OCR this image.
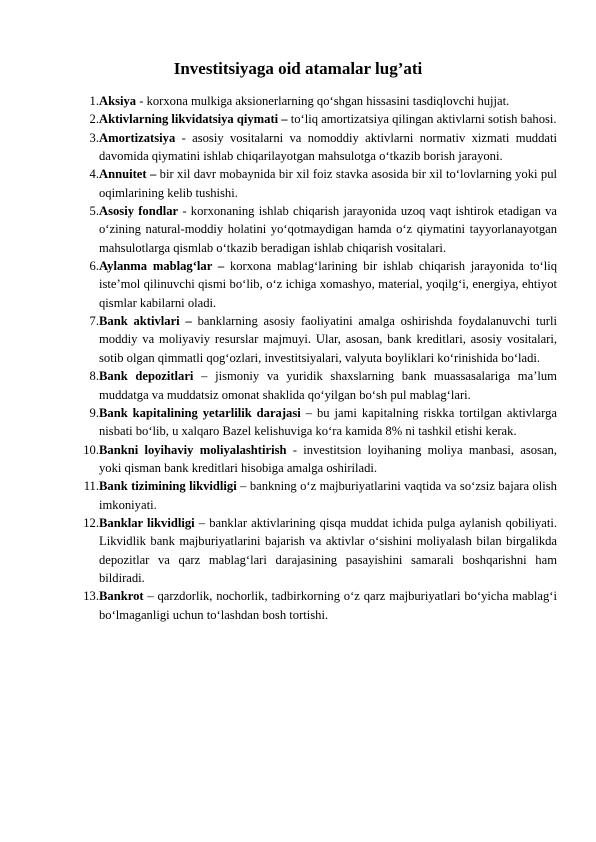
Investitsiyaga oid atamalar lug’ati
1. Aksiya - korxona mulkiga aksionerlarning qo‘shgan hissasini tasdiqlovchi hujjat.
2. Aktivlarning likvidatsiya qiymati – to‘liq amortizatsiya qilingan aktivlarni sotish bahosi.
3. Amortizatsiya - asosiy vositalarni va nomoddiy aktivlarni normativ xizmati muddati davomida qiymatini ishlab chiqarilayotgan mahsulotga o‘tkazib borish jarayoni.
4. Annuitet – bir xil davr mobaynida bir xil foiz stavka asosida bir xil to‘lovlarning yoki pul oqimlarining kelib tushishi.
5. Asosiy fondlar - korxonaning ishlab chiqarish jarayonida uzoq vaqt ishtirok etadigan va o‘zining natural-moddiy holatini yo‘qotmaydigan hamda o‘z qiymatini tayyorlanayotgan mahsulotlarga qismlab o‘tkazib beradigan ishlab chiqarish vositalari.
6. Aylanma mablag‘lar – korxona mablag‘larining bir ishlab chiqarish jarayonida to‘liq iste’mol qilinuvchi qismi bo‘lib, o‘z ichiga xomashyo, material, yoqilg‘i, energiya, ehtiyot qismlar kabilarni oladi.
7. Bank aktivlari – banklarning asosiy faoliyatini amalga oshirishda foydalanuvchi turli moddiy va moliyaviy resurslar majmuyi. Ular, asosan, bank kreditlari, asosiy vositalari, sotib olgan qimmatli qog‘ozlari, investitsiyalari, valyuta boyliklari ko‘rinishida bo‘ladi.
8. Bank depozitlari – jismoniy va yuridik shaxslarning bank muassasalariga ma’lum muddatga va muddatsiz omonat shaklida qo‘yilgan bo‘sh pul mablag‘lari.
9. Bank kapitalining yetarlilik darajasi – bu jami kapitalning riskka tortilgan aktivlarga nisbati bo‘lib, u xalqaro Bazel kelishuviga ko‘ra kamida 8% ni tashkil etishi kerak.
10. Bankni loyihaviy moliyalashtirish - investitsion loyihaning moliya manbasi, asosan, yoki qisman bank kreditlari hisobiga amalga oshiriladi.
11. Bank tizimining likvidligi – bankning o‘z majburiyatlarini vaqtida va so‘zsiz bajara olish imkoniyati.
12. Banklar likvidligi – banklar aktivlarining qisqa muddat ichida pulga aylanish qobiliyati. Likvidlik bank majburiyatlarini bajarish va aktivlar o‘sishini moliyalash bilan birgalikda depozitlar va qarz mablag‘lari darajasining pasayishini samarali boshqarishni ham bildiradi.
13. Bankrot – qarzdorlik, nochorlik, tadbirkorning o‘z qarz majburiyatlari bo‘yicha mablag‘i bo‘lmaganligi uchun to‘lashdan bosh tortishi.
